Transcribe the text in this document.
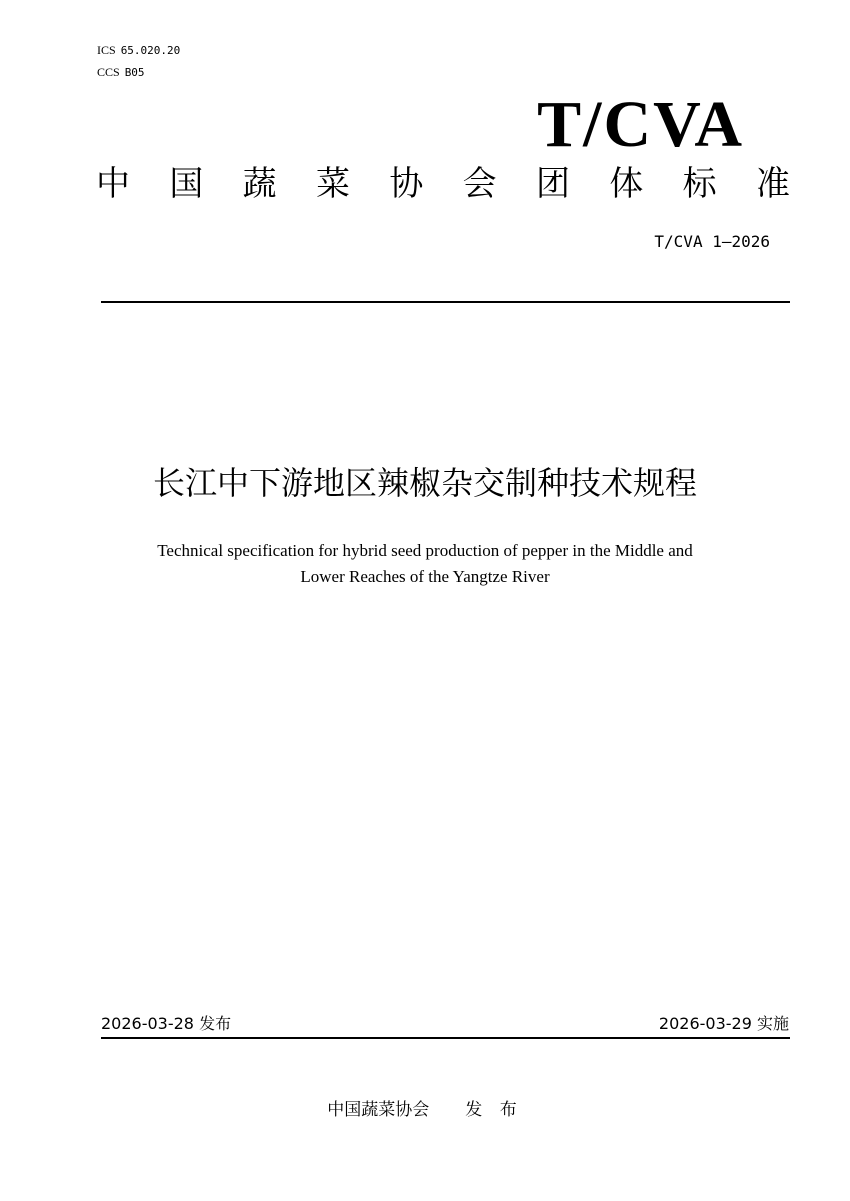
ICS 65.020.20
CCS B05
T/CVA
中 国 蔬 菜 协 会 团 体 标 准
T/CVA 1—2026
长江中下游地区辣椒杂交制种技术规程
Technical specification for hybrid seed production of pepper in the Middle and
Lower Reaches of the Yangtze River
2026-03-28 发布	2026-03-29 实施
中国蔬菜协会 发 布
